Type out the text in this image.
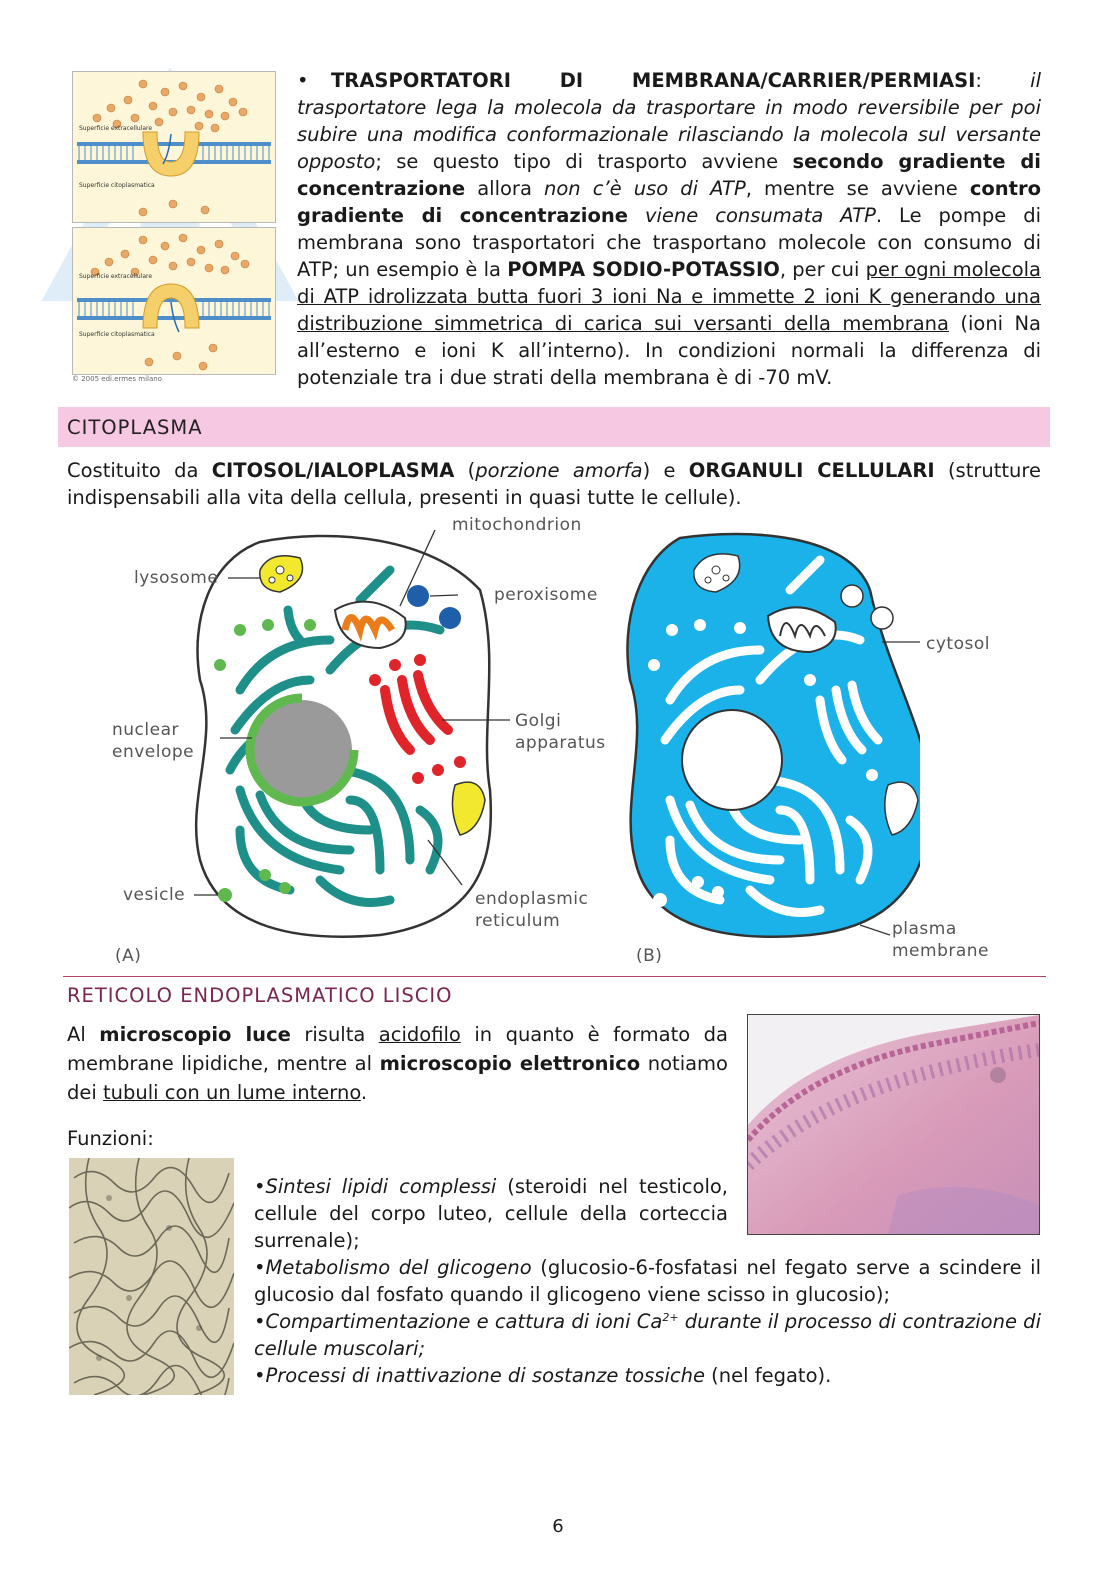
Superficie extracellulare
Superficie citoplasmatica
Superficie extracellulare
Superficie citoplasmatica
© 2005 edi.ermes milano
• TRASPORTATORI DI MEMBRANA/CARRIER/PERMIASI: il trasportatore lega la molecola da trasportare in modo reversibile per poi subire una modifica conformazionale rilasciando la molecola sul versante opposto; se questo tipo di trasporto avviene secondo gradiente di concentrazione allora non c’è uso di ATP, mentre se avviene contro gradiente di concentrazione viene consumata ATP. Le pompe di membrana sono trasportatori che trasportano molecole con consumo di ATP; un esempio è la POMPA SODIO-POTASSIO, per cui per ogni molecola di ATP idrolizzata butta fuori 3 ioni Na e immette 2 ioni K generando una distribuzione simmetrica di carica sui versanti della membrana (ioni Na all’esterno e ioni K all’interno). In condizioni normali la differenza di potenziale tra i due strati della membrana è di -70 mV.
CITOPLASMA
Costituito da CITOSOL/IALOPLASMA (porzione amorfa) e ORGANULI CELLULARI (strutture indispensabili alla vita della cellula, presenti in quasi tutte le cellule).
mitochondrion
lysosome
peroxisome
nuclear
envelope
Golgi
apparatus
vesicle	endoplasmic
reticulum
(A)
cytosol
plasma
membrane
(B)
RETICOLO ENDOPLASMATICO LISCIO
Al microscopio luce risulta acidofilo in quanto è formato da membrane lipidiche, mentre al microscopio elettronico notiamo dei tubuli con un lume interno.
Funzioni:
•Sintesi lipidi complessi (steroidi nel testicolo, cellule del corpo luteo, cellule della corteccia surrenale);
•Metabolismo del glicogeno (glucosio-6-fosfatasi nel fegato serve a scindere il glucosio dal fosfato quando il glicogeno viene scisso in glucosio);
•Compartimentazione e cattura di ioni $Ca^{2+}$ durante il processo di contrazione di cellule muscolari;
•Processi di inattivazione di sostanze tossiche (nel fegato).
6
